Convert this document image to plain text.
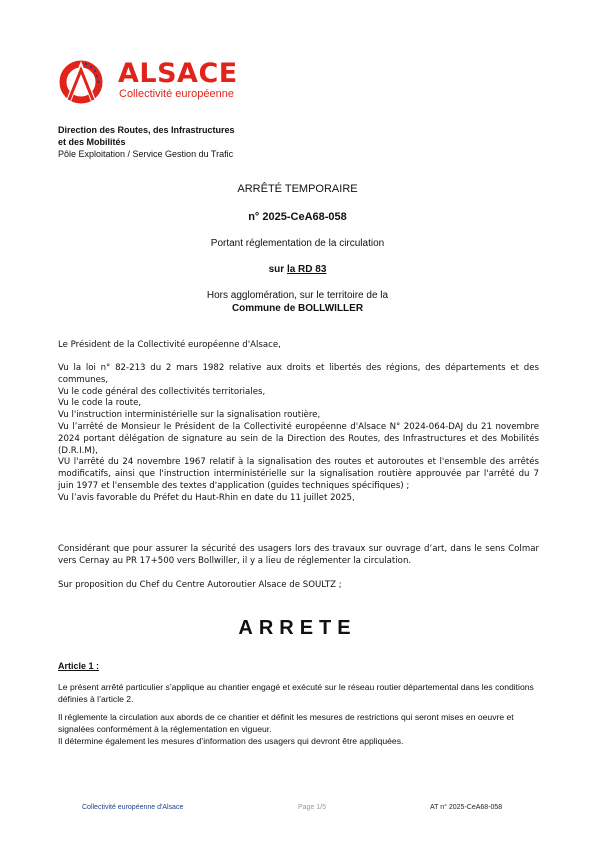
ALSACE
Collectivité européenne
Direction des Routes, des Infrastructures
et des Mobilités
Pôle Exploitation / Service Gestion du Trafic
ARRÊTÉ TEMPORAIRE
n° 2025-CeA68-058
Portant réglementation de la circulation
sur la RD 83
Hors agglomération, sur le territoire de la
Commune de BOLLWILLER
Le Président de la Collectivité européenne d'Alsace,
Vu la loi n° 82-213 du 2 mars 1982 relative aux droits et libertés des régions, des départements et des communes,
Vu le code général des collectivités territoriales,
Vu le code la route,
Vu l'instruction interministérielle sur la signalisation routière,
Vu l’arrêté de Monsieur le Président de la Collectivité européenne d'Alsace N° 2024-064-DAJ du 21 novembre 2024 portant délégation de signature au sein de la Direction des Routes, des Infrastructures et des Mobilités (D.R.I.M),
VU l'arrêté du 24 novembre 1967 relatif à la signalisation des routes et autoroutes et l'ensemble des arrêtés modificatifs, ainsi que l'instruction interministérielle sur la signalisation routière approuvée par l'arrêté du 7 juin 1977 et l'ensemble des textes d'application (guides techniques spécifiques) ;
Vu l’avis favorable du Préfet du Haut-Rhin en date du 11 juillet 2025,
Considérant que pour assurer la sécurité des usagers lors des travaux sur ouvrage d’art, dans le sens Colmar vers Cernay au PR 17+500 vers Bollwiller, il y a lieu de réglementer la circulation.
Sur proposition du Chef du Centre Autoroutier Alsace de SOULTZ ;
ARRETE
Article 1 :
Le présent arrêté particulier s’applique au chantier engagé et exécuté sur le réseau routier départemental dans les conditions définies à l’article 2.
Il réglemente la circulation aux abords de ce chantier et définit les mesures de restrictions qui seront mises en oeuvre et signalées conformément à la réglementation en vigueur.
Il détermine également les mesures d’information des usagers qui devront être appliquées.
Collectivité européenne d'Alsace	Page 1/5	AT n° 2025-CeA68-058
